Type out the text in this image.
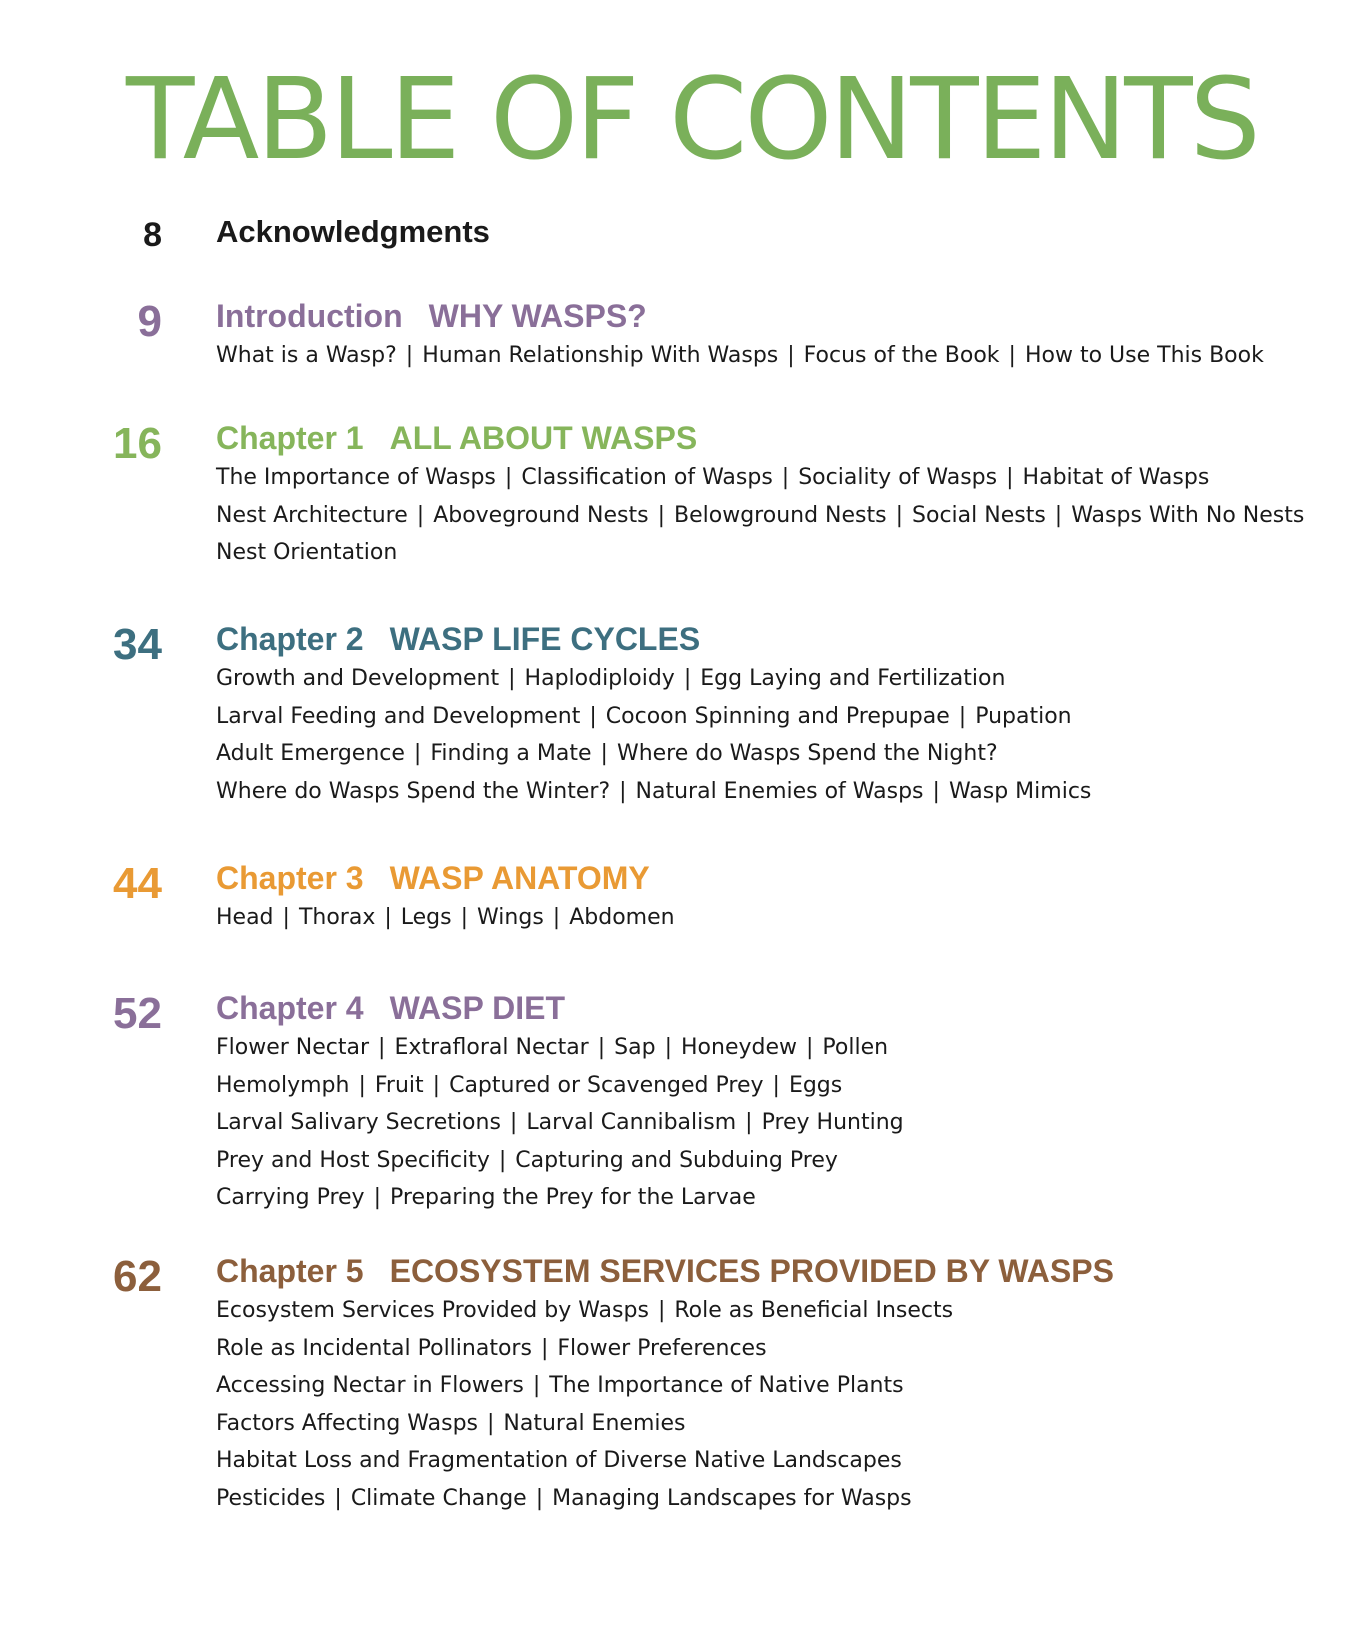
TABLE OF CONTENTS
8 Acknowledgments
9 Introduction WHY WASPS?
What is a Wasp? | Human Relationship With Wasps | Focus of the Book | How to Use This Book
16 Chapter 1 ALL ABOUT WASPS
The Importance of Wasps | Classification of Wasps | Sociality of Wasps | Habitat of Wasps
Nest Architecture | Aboveground Nests | Belowground Nests | Social Nests | Wasps With No Nests
Nest Orientation
34 Chapter 2 WASP LIFE CYCLES
Growth and Development | Haplodiploidy | Egg Laying and Fertilization
Larval Feeding and Development | Cocoon Spinning and Prepupae | Pupation
Adult Emergence | Finding a Mate | Where do Wasps Spend the Night?
Where do Wasps Spend the Winter? | Natural Enemies of Wasps | Wasp Mimics
44 Chapter 3 WASP ANATOMY
Head | Thorax | Legs | Wings | Abdomen
52 Chapter 4 WASP DIET
Flower Nectar | Extrafloral Nectar | Sap | Honeydew | Pollen
Hemolymph | Fruit | Captured or Scavenged Prey | Eggs
Larval Salivary Secretions | Larval Cannibalism | Prey Hunting
Prey and Host Specificity | Capturing and Subduing Prey
Carrying Prey | Preparing the Prey for the Larvae
62 Chapter 5 ECOSYSTEM SERVICES PROVIDED BY WASPS
Ecosystem Services Provided by Wasps | Role as Beneficial Insects
Role as Incidental Pollinators | Flower Preferences
Accessing Nectar in Flowers | The Importance of Native Plants
Factors Affecting Wasps | Natural Enemies
Habitat Loss and Fragmentation of Diverse Native Landscapes
Pesticides | Climate Change | Managing Landscapes for Wasps
